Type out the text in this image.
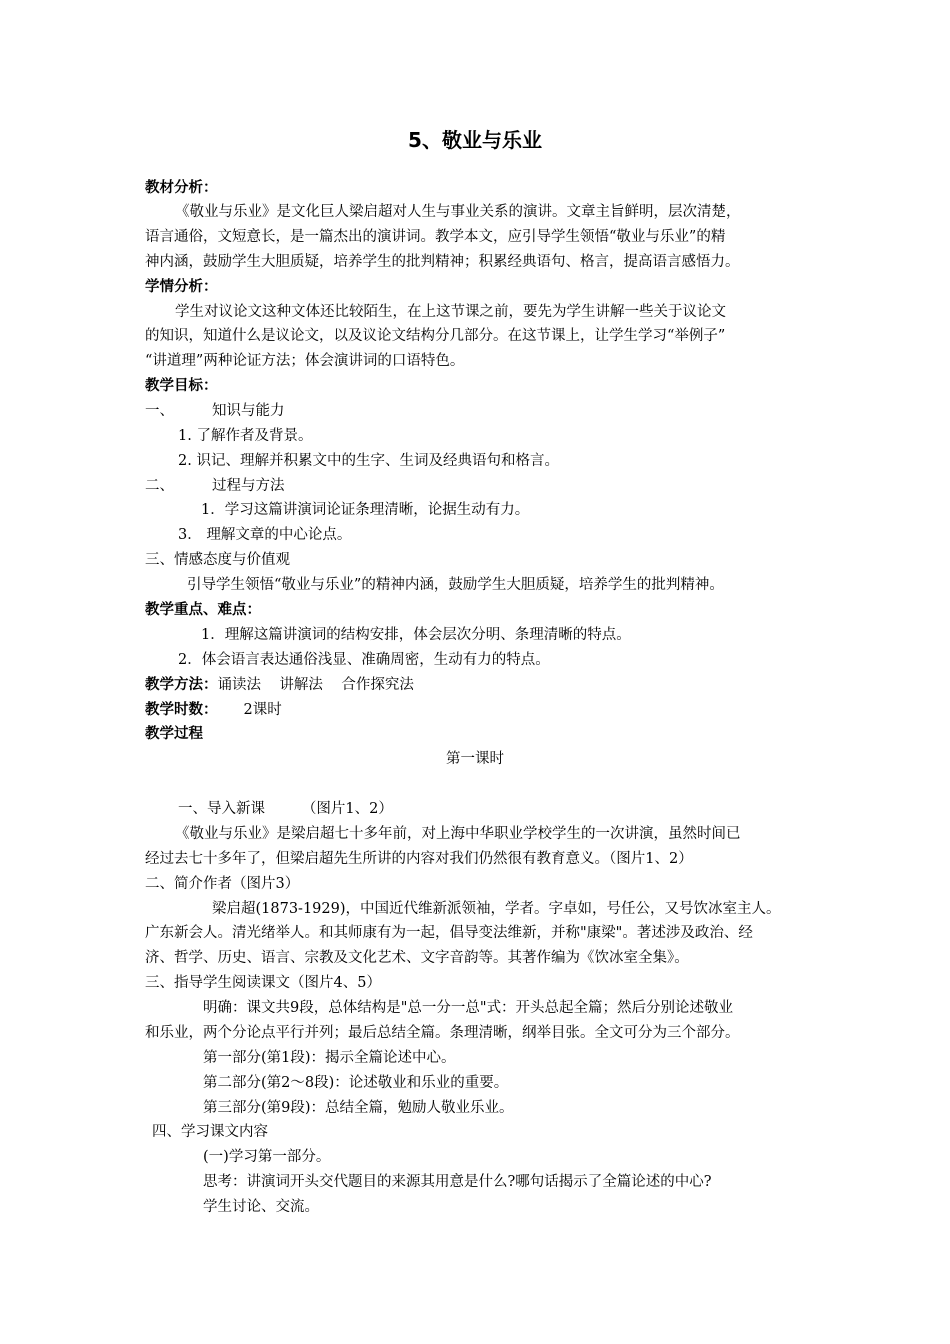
5、敬业与乐业
教材分析：
《敬业与乐业》是文化巨人梁启超对人生与事业关系的演讲。文章主旨鲜明，层次清楚，
语言通俗，文短意长，是一篇杰出的演讲词。教学本文，应引导学生领悟“敬业与乐业”的精
神内涵，鼓励学生大胆质疑，培养学生的批判精神；积累经典语句、格言，提高语言感悟力。
学情分析：
学生对议论文这种文体还比较陌生，在上这节课之前，要先为学生讲解一些关于议论文
的知识，知道什么是议论文，以及议论文结构分几部分。在这节课上，让学生学习“举例子”
“讲道理”两种论证方法；体会演讲词的口语特色。
教学目标：
一、	知识与能力
1. 了解作者及背景。
2. 识记、理解并积累文中的生字、生词及经典语句和格言。
二、	过程与方法
1．学习这篇讲演词论证条理清晰，论据生动有力。
3． 理解文章的中心论点。
三、情感态度与价值观
引导学生领悟“敬业与乐业”的精神内涵，鼓励学生大胆质疑，培养学生的批判精神。
教学重点、难点：
1．理解这篇讲演词的结构安排，体会层次分明、条理清晰的特点。
2．体会语言表达通俗浅显、准确周密，生动有力的特点。
教学方法：诵读法    讲解法    合作探究法
教学时数： 2课时
教学过程
第一课时
一、导入新课        （图片1、2）
《敬业与乐业》是梁启超七十多年前，对上海中华职业学校学生的一次讲演，虽然时间已
经过去七十多年了，但梁启超先生所讲的内容对我们仍然很有教育意义。（图片1、2）
二、简介作者（图片3）
梁启超(1873-1929)，中国近代维新派领袖，学者。字卓如，号任公，又号饮冰室主人。
广东新会人。清光绪举人。和其师康有为一起，倡导变法维新，并称"康梁"。著述涉及政治、经
济、哲学、历史、语言、宗教及文化艺术、文字音韵等。其著作编为《饮冰室全集》。
三、指导学生阅读课文（图片4、5）
明确：课文共9段，总体结构是"总一分一总"式：开头总起全篇；然后分别论述敬业
和乐业，两个分论点平行并列；最后总结全篇。条理清晰，纲举目张。全文可分为三个部分。
第一部分(第1段)：揭示全篇论述中心。
第二部分(第2～8段)：论述敬业和乐业的重要。
第三部分(第9段)：总结全篇，勉励人敬业乐业。
四、学习课文内容
(一)学习第一部分。
思考：讲演词开头交代题目的来源其用意是什么?哪句话揭示了全篇论述的中心?
学生讨论、交流。
